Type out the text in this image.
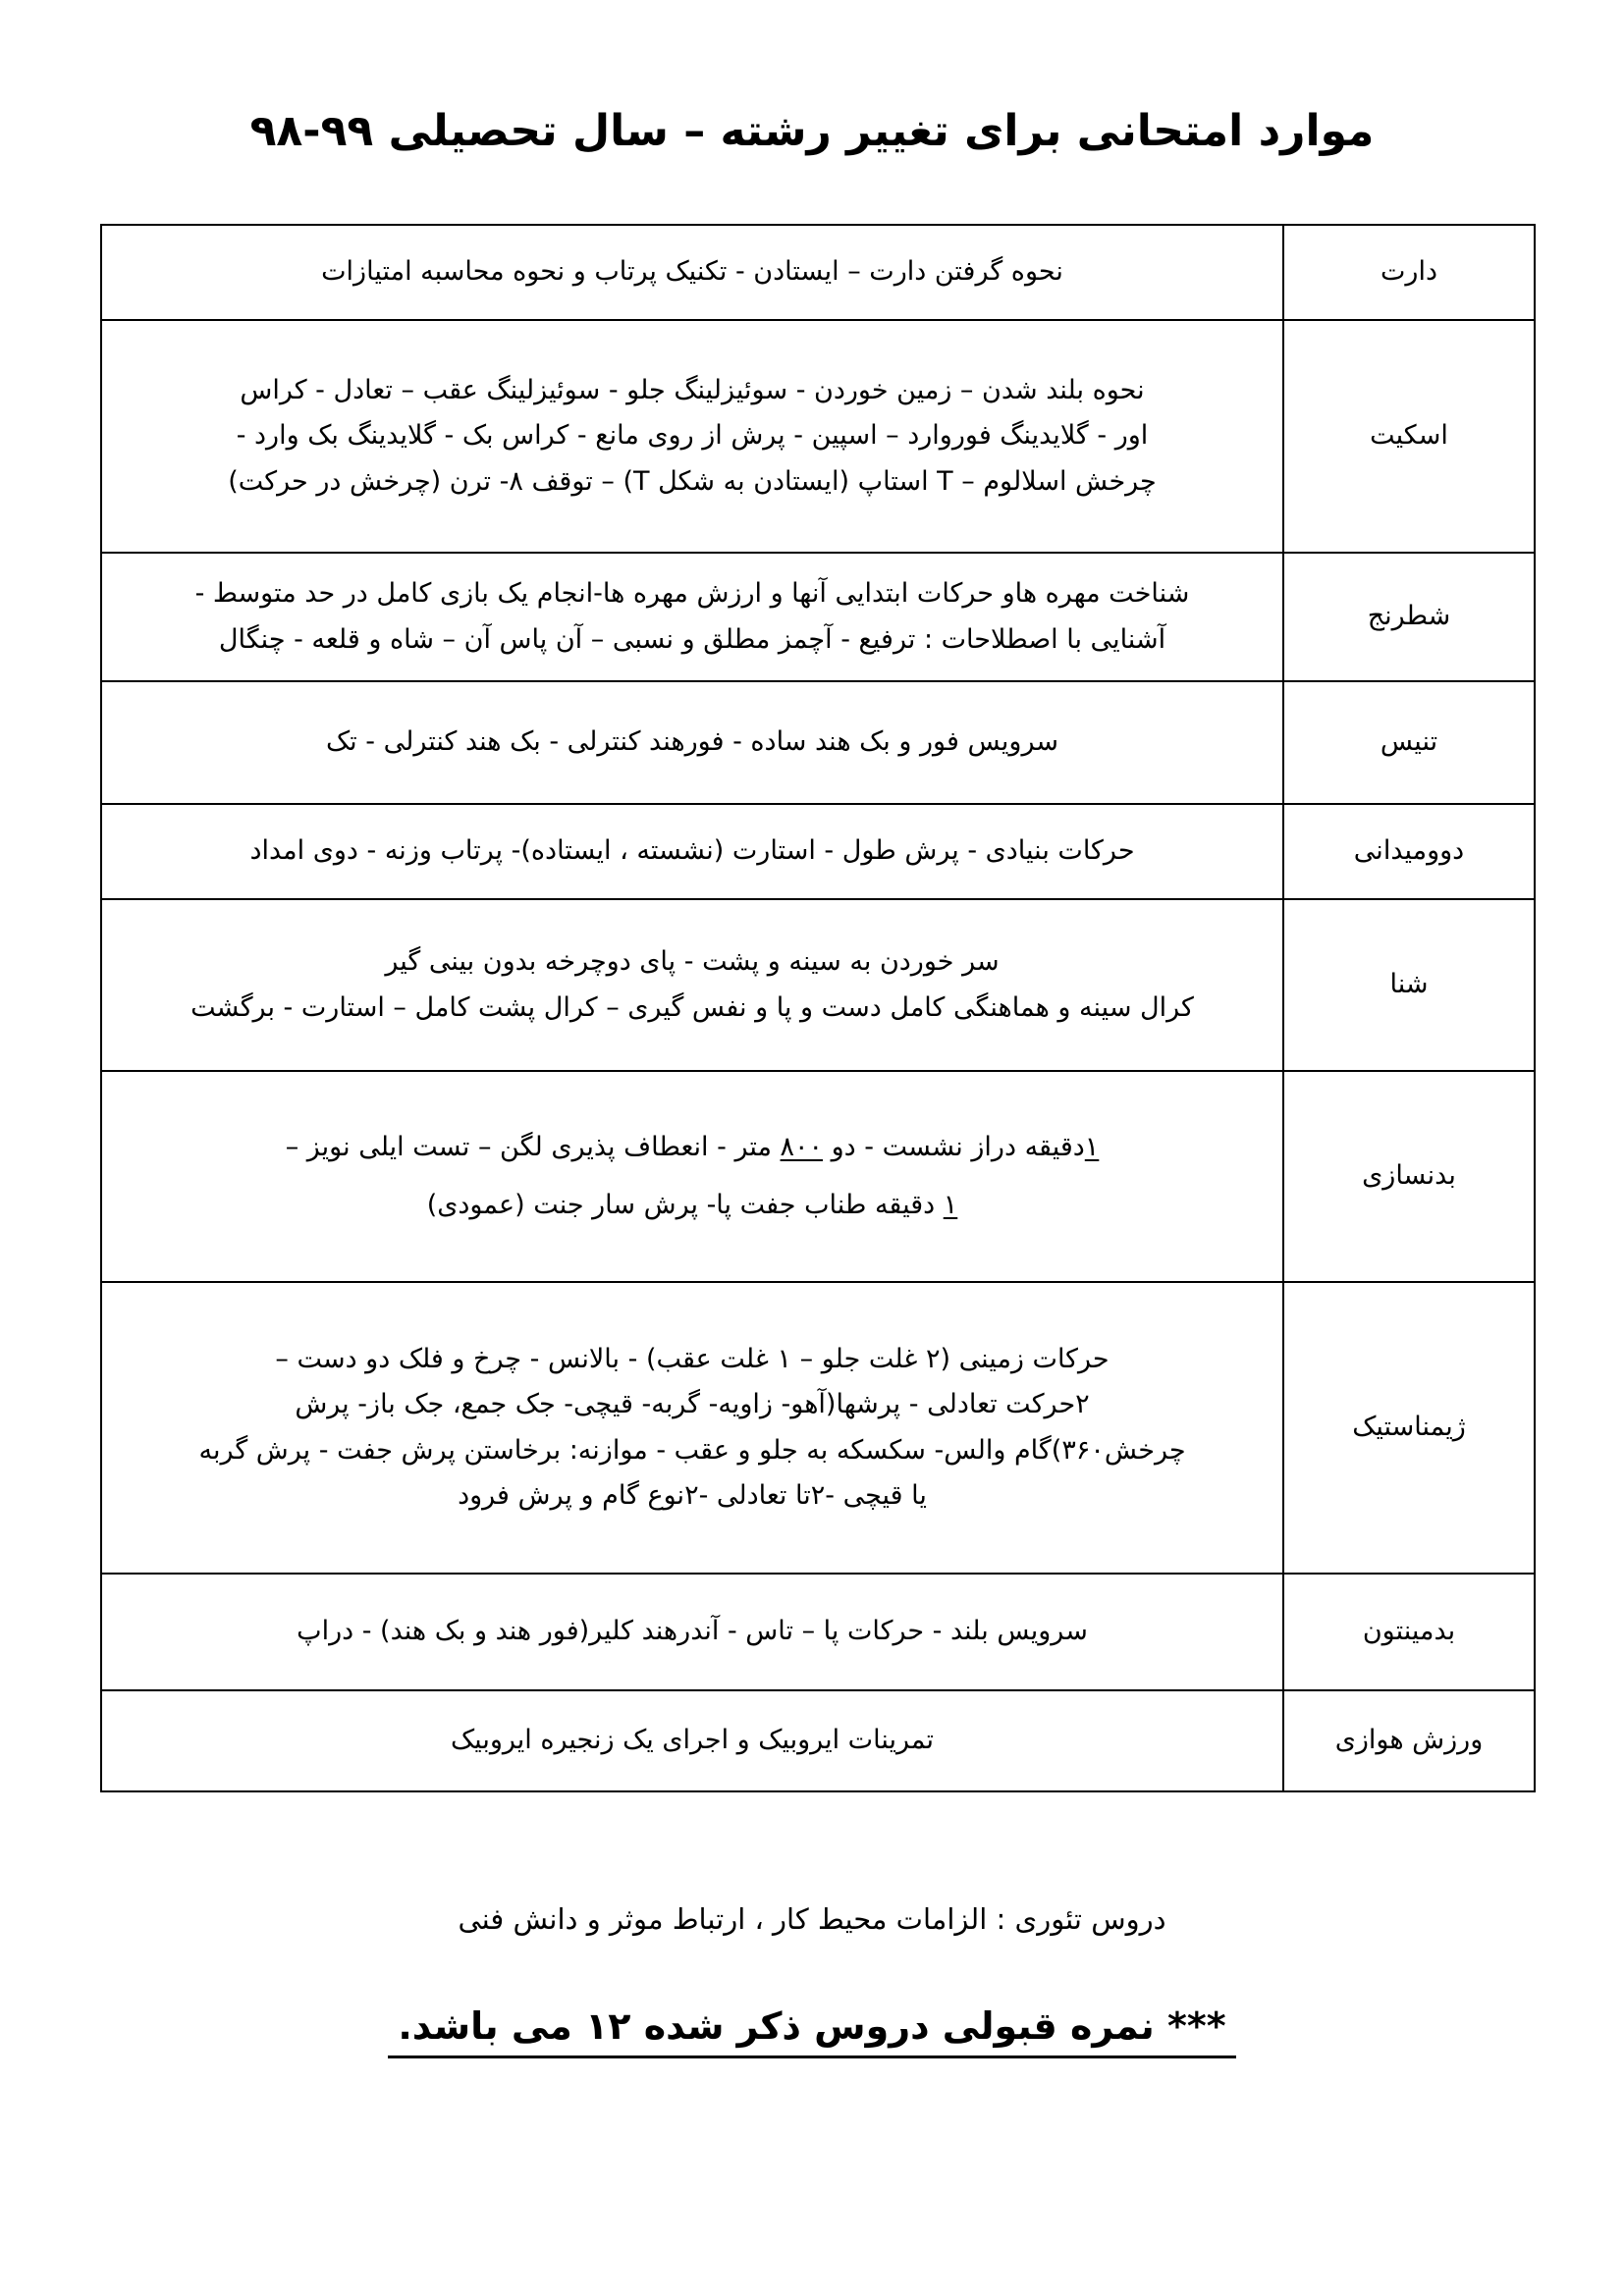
موارد امتحانی برای تغییر رشته – سال تحصیلی ۹۹-۹۸
دارت	نحوه گرفتن دارت – ایستادن - تکنیک پرتاب و نحوه محاسبه امتیازات

اسکیت	نحوه بلند شدن – زمین خوردن - سوئیزلینگ جلو - سوئیزلینگ عقب – تعادل - کراس
اور - گلایدینگ فوروارد – اسپین - پرش از روی مانع - کراس بک - گلایدینگ بک وارد -
چرخش اسلالوم – T استاپ (ایستادن به شکل T) – توقف ۸- ترن (چرخش در حرکت)

شطرنج	شناخت مهره هاو حرکات ابتدایی آنها و ارزش مهره ها-انجام یک بازی کامل در حد متوسط -
آشنایی با اصطلاحات : ترفیع - آچمز مطلق و نسبی – آن پاس آن – شاه و قلعه - چنگال

تنیس	سرویس فور و بک هند ساده - فورهند کنترلی - بک هند کنترلی - تک

دوومیدانی	حرکات بنیادی - پرش طول - استارت (نشسته ، ایستاده)- پرتاب وزنه - دوی امداد

شنا	سر خوردن به سینه و پشت - پای دوچرخه بدون بینی گیر
کرال سینه و هماهنگی کامل دست و پا و نفس گیری – کرال پشت کامل – استارت - برگشت

بدنسازی	۱دقیقه دراز نشست - دو ۸۰۰ متر - انعطاف پذیری لگن – تست ایلی نویز –
۱ دقیقه طناب جفت پا- پرش سار جنت (عمودی)

ژیمناستیک	حرکات زمینی (۲ غلت جلو – ۱ غلت عقب) - بالانس - چرخ و فلک دو دست –
۲حرکت تعادلی - پرشها(آهو- زاویه- گربه- قیچی- جک جمع، جک باز- پرش
چرخش۳۶۰)گام والس- سکسکه به جلو و عقب - موازنه: برخاستن پرش جفت - پرش گربه
یا قیچی -۲تا تعادلی -۲نوع گام و پرش فرود

بدمینتون	سرویس بلند - حرکات پا – تاس - آندرهند کلیر(فور هند و بک هند) - دراپ

ورزش هوازی	تمرینات ایروبیک و اجرای یک زنجیره ایروبیک
دروس تئوری : الزامات محیط کار ، ارتباط موثر و دانش فنی
*** نمره قبولی دروس ذکر شده ۱۲ می باشد.
